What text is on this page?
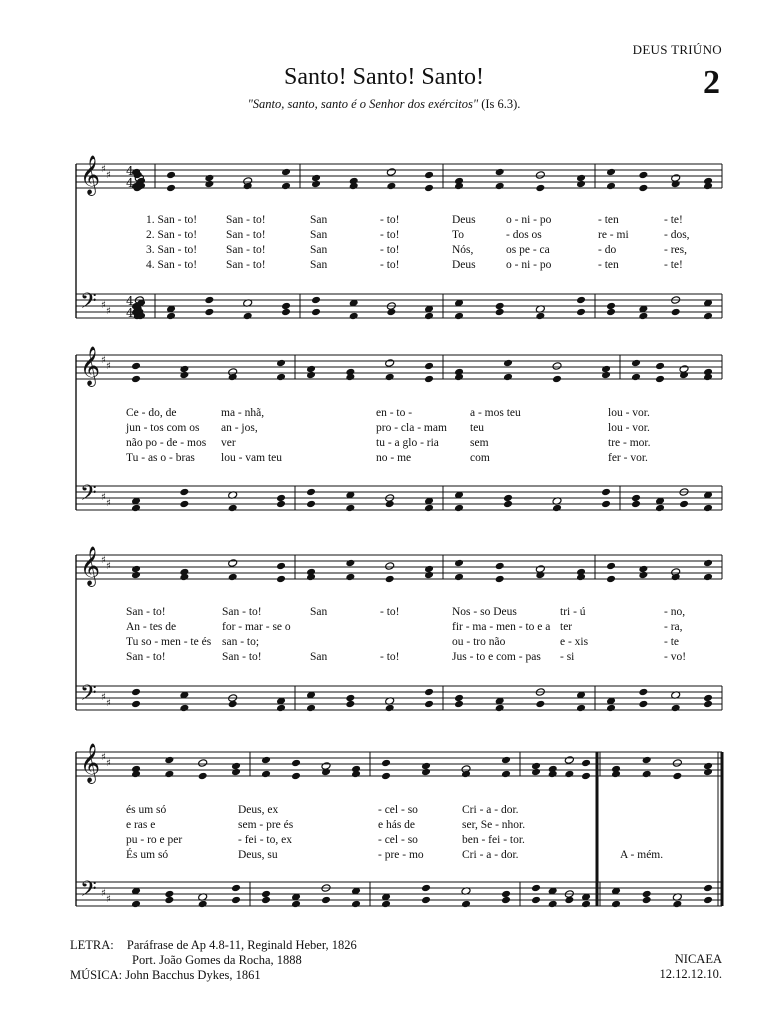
DEUS TRIÚNO
2
Santo! Santo! Santo!
"Santo, santo, santo é o Senhor dos exércitos" (Is 6.3).
𝄞
𝄢
♯
♯
♯
♯
4
4
4
4
𝄞
𝄢
♯
♯
♯
♯
𝄞
𝄢
♯
♯
♯
♯
𝄞
𝄢
♯
♯
♯
♯
1. San - to!	San - to!	San	- to!	Deus	o - ni - po	- ten	- te!
2. San - to!	San - to!	San	- to!	To	- dos os	re - mi	- dos,
3. San - to!	San - to!	San	- to!	Nós,	os pe - ca	- do	- res,
4. San - to!	San - to!	San	- to!	Deus	o - ni - po	- ten	- te!
Ce - do, de	ma - nhã,	en - to -	a - mos teu	lou - vor.
jun - tos com os an - jos,	pro - cla - mam teu	lou - vor.
não po - de - mos ver	tu - a glo - ria	sem	tre - mor.
Tu - as o - bras lou - vam teu	no - me	com	fer - vor.
San - to!	San - to!	San	- to!	Nos - so Deus	tri - ú	- no,
An - tes de	for - mar - se o	fir - ma - men - to e a ter	- ra,
Tu so - men - te és san - to;	ou - tro não	e - xis	- te
San - to!	San - to!	San	- to!	Jus - to e com - pas - si	- vo!
és um só	Deus, ex	- cel - so	Cri - a - dor.
e ras e	sem - pre és	e hás de	ser, Se - nhor.
pu - ro e per	- fei - to, ex	- cel - so	ben - fei - tor.
És um só	Deus, su	- pre - mo	Cri - a - dor.	A - mém.
LETRA: Paráfrase de Ap 4.8-11, Reginald Heber, 1826
Port. João Gomes da Rocha, 1888
MÚSICA: John Bacchus Dykes, 1861
NICAEA
12.12.12.10.
